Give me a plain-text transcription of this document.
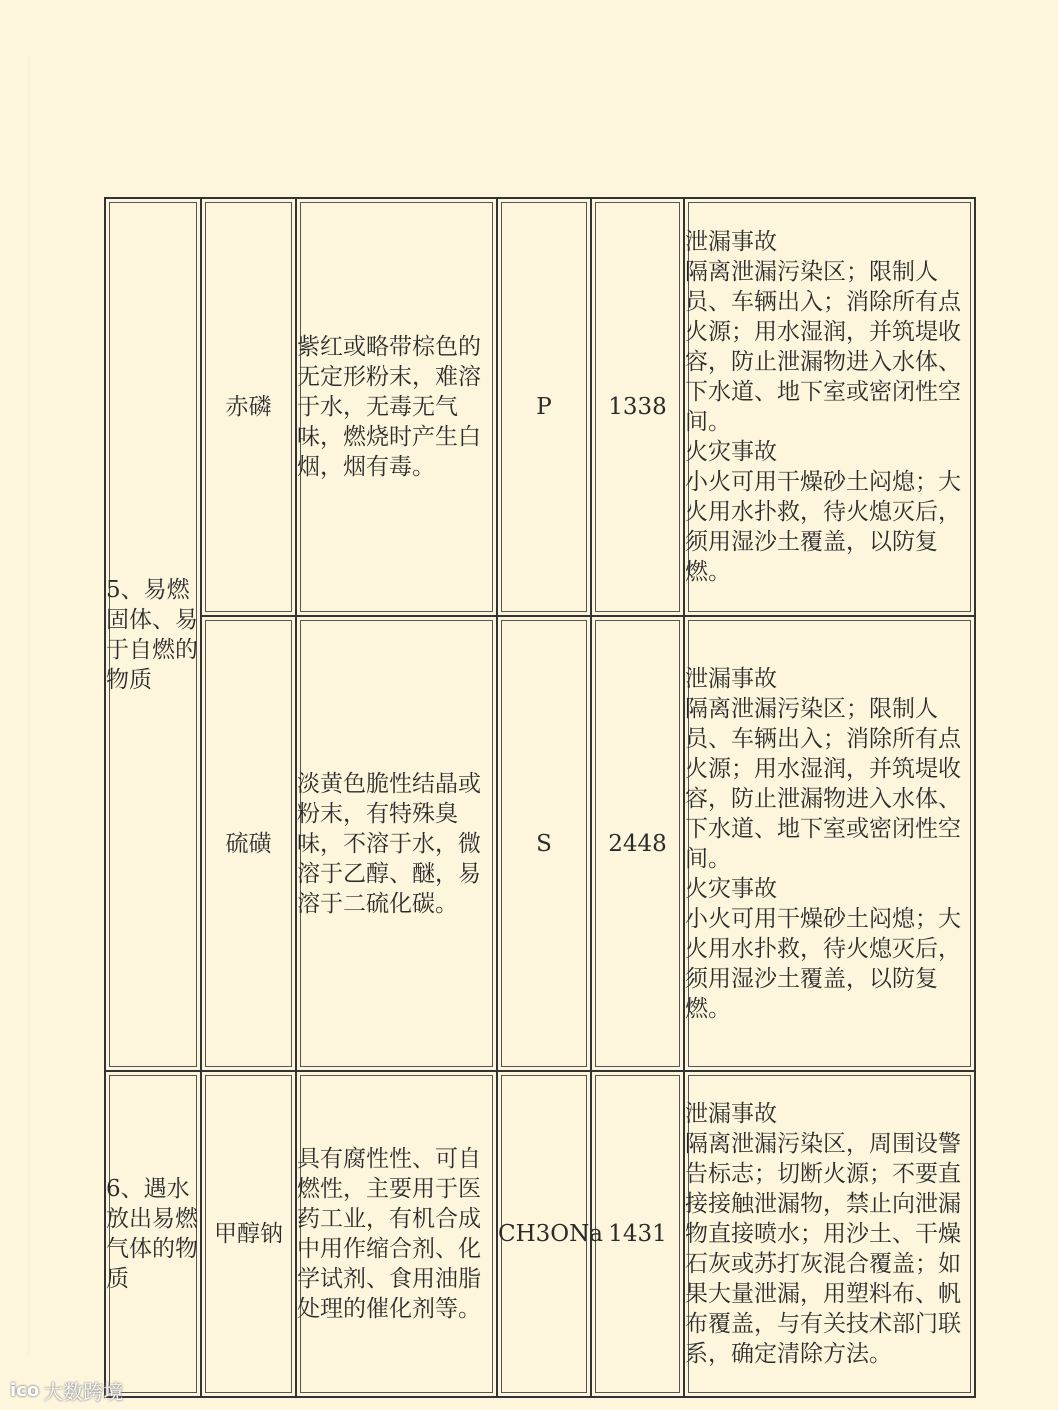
5、易燃固体、易于自燃的物质	赤磷	紫红或略带棕色的无定形粉末，难溶于水，无毒无气味，燃烧时产生白烟，烟有毒。	P	1338	泄漏事故
隔离泄漏污染区；限制人员、车辆出入；消除所有点火源；用水湿润，并筑堤收容，防止泄漏物进入水体、下水道、地下室或密闭性空间。
火灾事故
小火可用干燥砂土闷熄；大火用水扑救，待火熄灭后，须用湿沙土覆盖，以防复燃。

	硫磺	淡黄色脆性结晶或粉末，有特殊臭味，不溶于水，微溶于乙醇、醚，易溶于二硫化碳。	S	2448	泄漏事故
隔离泄漏污染区；限制人员、车辆出入；消除所有点火源；用水湿润，并筑堤收容，防止泄漏物进入水体、下水道、地下室或密闭性空间。
火灾事故
小火可用干燥砂土闷熄；大火用水扑救，待火熄灭后，须用湿沙土覆盖，以防复燃。

6、遇水放出易燃气体的物质	甲醇钠	具有腐性性、可自燃性，主要用于医药工业，有机合成中用作缩合剂、化学试剂、食用油脂处理的催化剂等。	CH3ONa	1431	泄漏事故
隔离泄漏污染区，周围设警告标志；切断火源；不要直接接触泄漏物，禁止向泄漏物直接喷水；用沙土、干燥石灰或苏打灰混合覆盖；如果大量泄漏，用塑料布、帆布覆盖，与有关技术部门联系，确定清除方法。
ico 大数跨境
